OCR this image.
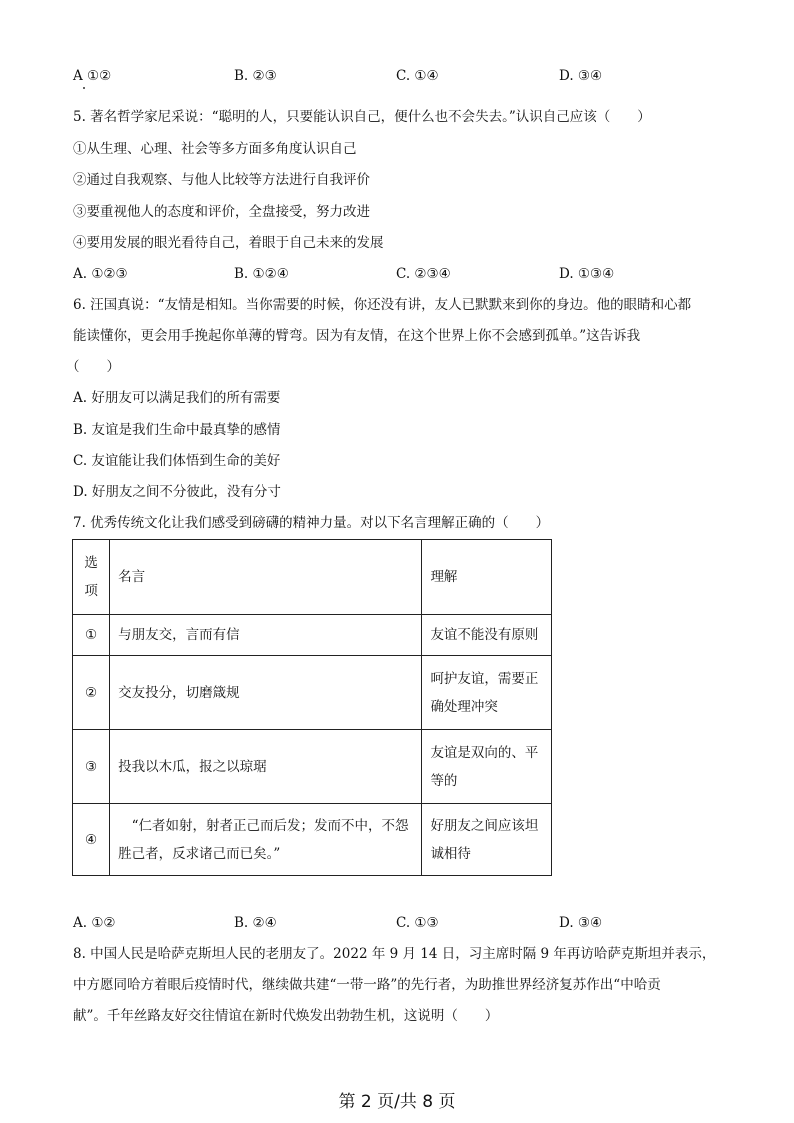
A ①②	B. ②③	C. ①④	D. ③④
5. 著名哲学家尼采说：“聪明的人，只要能认识自己，便什么也不会失去。”认识自己应该（　　）
①从生理、心理、社会等多方面多角度认识自己
②通过自我观察、与他人比较等方法进行自我评价
③要重视他人的态度和评价，全盘接受，努力改进
④要用发展的眼光看待自己，着眼于自己未来的发展
A. ①②③	B. ①②④	C. ②③④	D. ①③④
6. 汪国真说：“友情是相知。当你需要的时候，你还没有讲，友人已默默来到你的身边。他的眼睛和心都
能读懂你，更会用手挽起你单薄的臂弯。因为有友情，在这个世界上你不会感到孤单。”这告诉我
（　　）
A. 好朋友可以满足我们的所有需要
B. 友谊是我们生命中最真挚的感情
C. 友谊能让我们体悟到生命的美好
D. 好朋友之间不分彼此，没有分寸
7. 优秀传统文化让我们感受到磅礴的精神力量。对以下名言理解正确的（　　）
选项	名言	理解
①	与朋友交，言而有信	友谊不能没有原则
②	交友投分，切磨箴规	呵护友谊，需要正确处理冲突
③	投我以木瓜，报之以琼琚	友谊是双向的、平等的
④	“仁者如射，射者正己而后发；发而不中，不怨胜己者，反求诸己而已矣。”	好朋友之间应该坦诚相待
A. ①②	B. ②④	C. ①③	D. ③④
8. 中国人民是哈萨克斯坦人民的老朋友了。2022 年 9 月 14 日，习主席时隔 9 年再访哈萨克斯坦并表示，
中方愿同哈方着眼后疫情时代，继续做共建“一带一路”的先行者，为助推世界经济复苏作出“中哈贡
献”。千年丝路友好交往情谊在新时代焕发出勃勃生机，这说明（　　）
第 2 页/共 8 页
